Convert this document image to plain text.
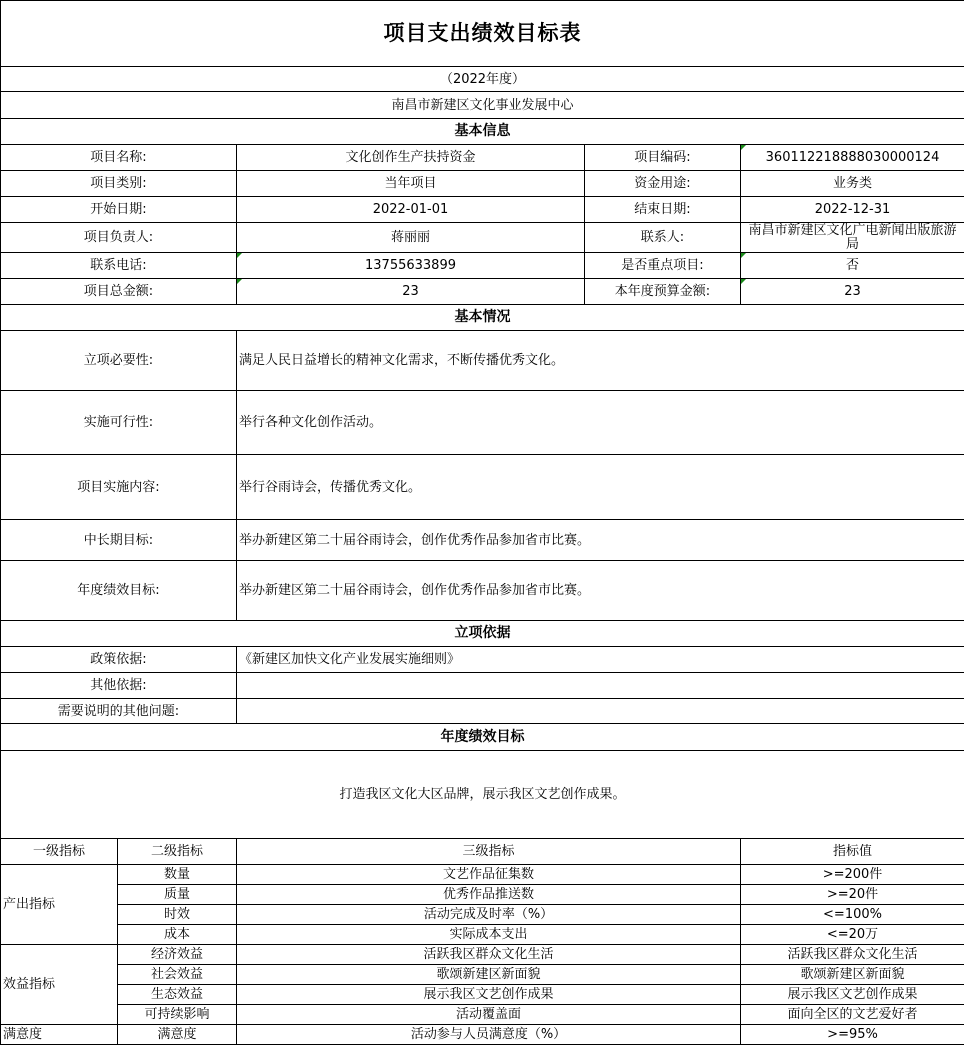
项目支出绩效目标表				
（2022年度）				
南昌市新建区文化事业发展中心				
基本信息				
项目名称:		文化创作生产扶持资金	项目编码:	360112218888030000124
项目类别:		当年项目	资金用途:	业务类
开始日期:		2022-01-01	结束日期:	2022-12-31
项目负责人:		蒋丽丽	联系人:	南昌市新建区文化广电新闻出版旅游局
联系电话:		13755633899	是否重点项目:	否
项目总金额:		23	本年度预算金额:	23
基本情况				
立项必要性:		满足人民日益增长的精神文化需求，不断传播优秀文化。		
实施可行性:		举行各种文化创作活动。		
项目实施内容:		举行谷雨诗会，传播优秀文化。		
中长期目标:		举办新建区第二十届谷雨诗会，创作优秀作品参加省市比赛。		
年度绩效目标:		举办新建区第二十届谷雨诗会，创作优秀作品参加省市比赛。		
立项依据				
政策依据:		《新建区加快文化产业发展实施细则》		
其他依据:				
需要说明的其他问题:				
年度绩效目标				
打造我区文化大区品牌，展示我区文艺创作成果。				
一级指标	二级指标	三级指标		指标值
产出指标	数量	文艺作品征集数		>=200件
	质量	优秀作品推送数		>=20件
	时效	活动完成及时率（%）		<=100%
	成本	实际成本支出		<=20万
效益指标	经济效益	活跃我区群众文化生活		活跃我区群众文化生活
	社会效益	歌颂新建区新面貌		歌颂新建区新面貌
	生态效益	展示我区文艺创作成果		展示我区文艺创作成果
	可持续影响	活动覆盖面		面向全区的文艺爱好者
满意度	满意度	活动参与人员满意度（%）		>=95%
